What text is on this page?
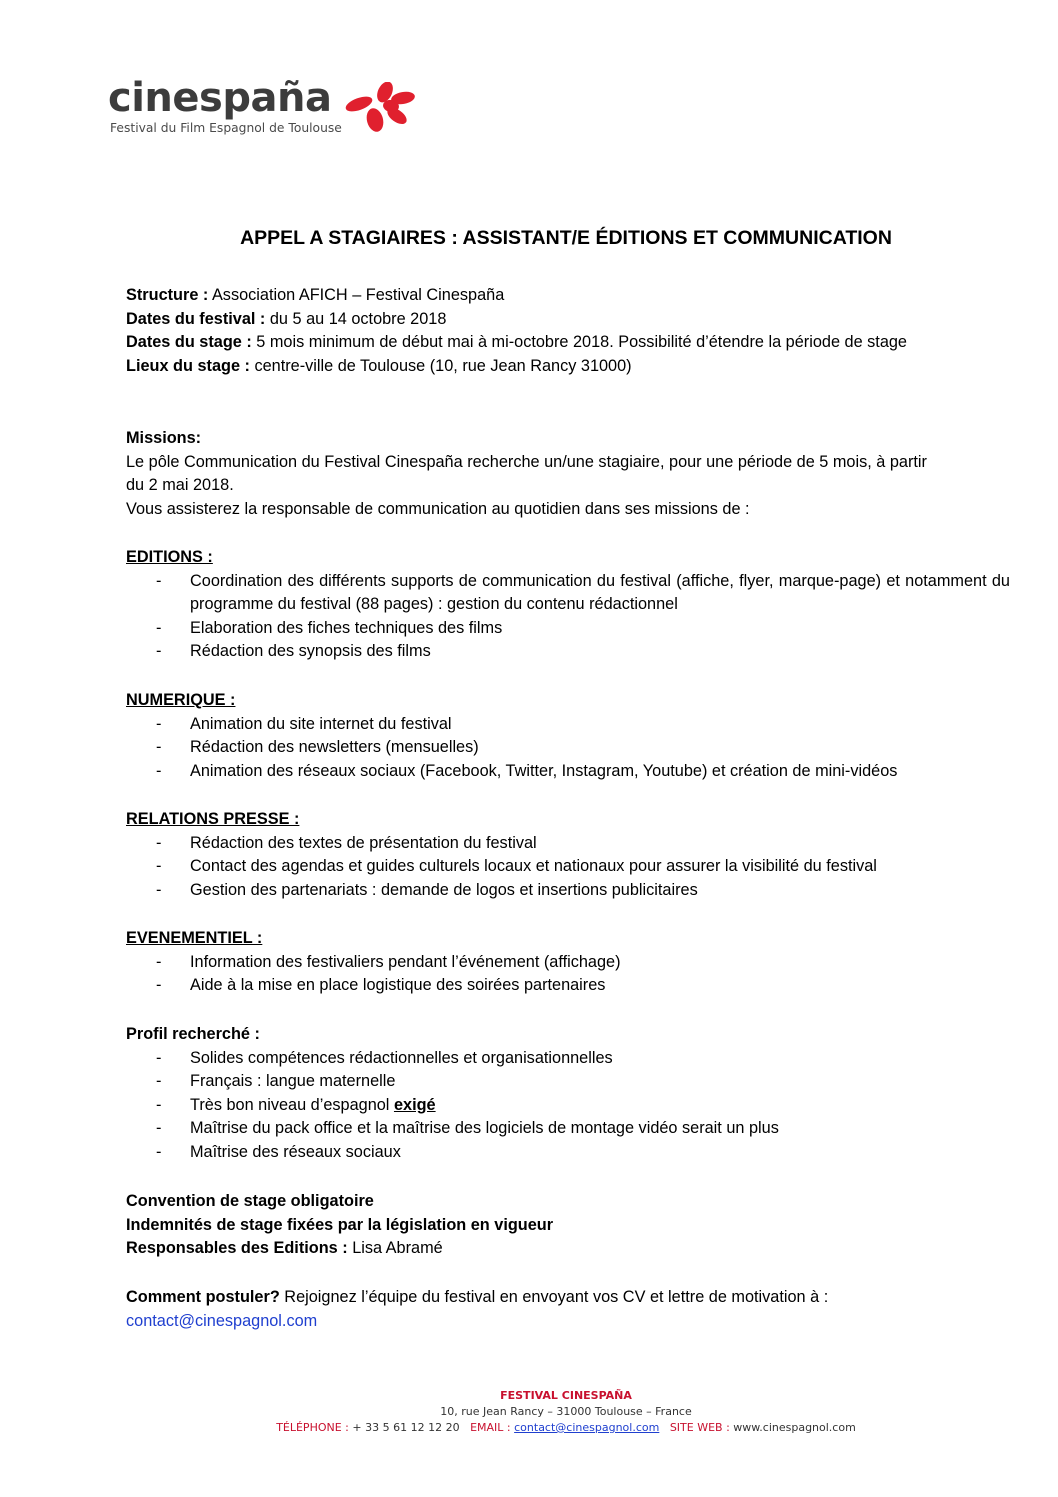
cinespaña
Festival du Film Espagnol de Toulouse
APPEL A STAGIAIRES : ASSISTANT/E ÉDITIONS ET COMMUNICATION
Structure : Association AFICH – Festival Cinespaña
Dates du festival : du 5 au 14 octobre 2018
Dates du stage : 5 mois minimum de début mai à mi-octobre 2018. Possibilité d’étendre la période de stage
Lieux du stage : centre-ville de Toulouse (10, rue Jean Rancy 31000)
Missions:
Le pôle Communication du Festival Cinespaña recherche un/une stagiaire, pour une période de 5 mois, à partir
du 2 mai 2018.
Vous assisterez la responsable de communication au quotidien dans ses missions de :
EDITIONS :
-	Coordination des différents supports de communication du festival (affiche, flyer, marque-page) et notamment du programme du festival (88 pages) : gestion du contenu rédactionnel
-	Elaboration des fiches techniques des films
-	Rédaction des synopsis des films
NUMERIQUE :
-	Animation du site internet du festival
-	Rédaction des newsletters (mensuelles)
-	Animation des réseaux sociaux (Facebook, Twitter, Instagram, Youtube) et création de mini-vidéos
RELATIONS PRESSE :
-	Rédaction des textes de présentation du festival
-	Contact des agendas et guides culturels locaux et nationaux pour assurer la visibilité du festival
-	Gestion des partenariats : demande de logos et insertions publicitaires
EVENEMENTIEL :
-	Information des festivaliers pendant l’événement (affichage)
-	Aide à la mise en place logistique des soirées partenaires
Profil recherché :
-	Solides compétences rédactionnelles et organisationnelles
-	Français : langue maternelle
-	Très bon niveau d’espagnol exigé
-	Maîtrise du pack office et la maîtrise des logiciels de montage vidéo serait un plus
-	Maîtrise des réseaux sociaux
Convention de stage obligatoire
Indemnités de stage fixées par la législation en vigueur
Responsables des Editions : Lisa Abramé
Comment postuler? Rejoignez l’équipe du festival en envoyant vos CV et lettre de motivation à :
contact@cinespagnol.com
FESTIVAL CINESPAÑA
10, rue Jean Rancy – 31000 Toulouse – France
TÉLÉPHONE : + 33 5 61 12 12 20 EMAIL : contact@cinespagnol.com SITE WEB : www.cinespagnol.com
